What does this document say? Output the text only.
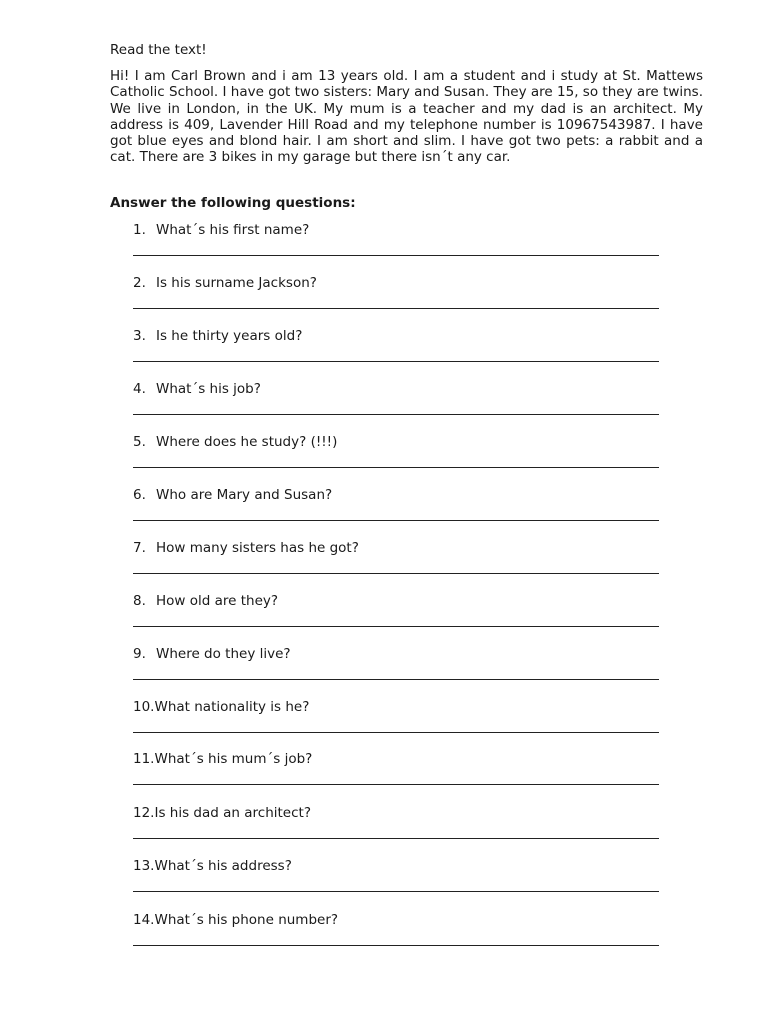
Read the text!
Hi! I am Carl Brown and i am 13 years old. I am a student and i study at St. Mattews Catholic School. I have got two sisters: Mary and Susan. They are 15, so they are twins. We live in London, in the UK. My mum is a teacher and my dad is an architect. My address is 409, Lavender Hill Road and my telephone number is 10967543987. I have got blue eyes and blond hair. I am short and slim. I have got two pets: a rabbit and a cat. There are 3 bikes in my garage but there isn´t any car.
Answer the following questions:
1. What´s his first name?
2. Is his surname Jackson?
3. Is he thirty years old?
4. What´s his job?
5. Where does he study? (!!!)
6. Who are Mary and Susan?
7. How many sisters has he got?
8. How old are they?
9. Where do they live?
10.What nationality is he?
11.What´s his mum´s job?
12.Is his dad an architect?
13.What´s his address?
14.What´s his phone number?
